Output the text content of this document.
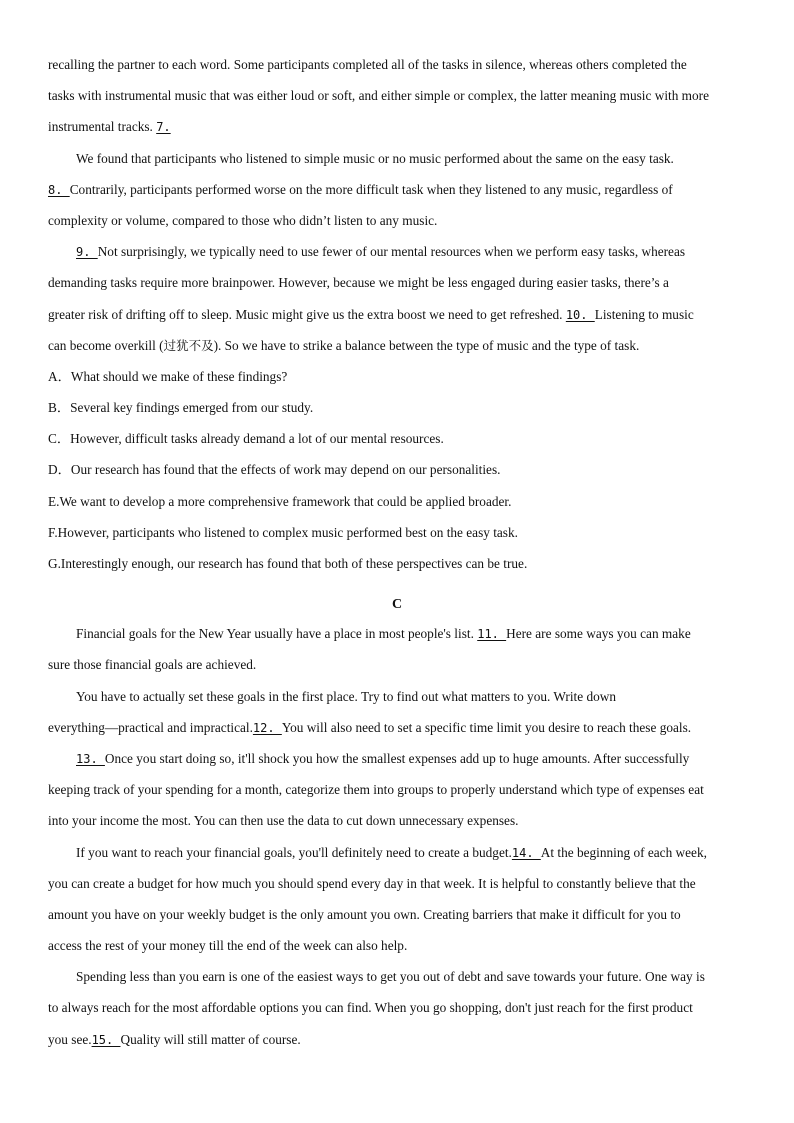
recalling the partner to each word. Some participants completed all of the tasks in silence, whereas others completed the
tasks with instrumental music that was either loud or soft, and either simple or complex, the latter meaning music with more
instrumental tracks. 7.
We found that participants who listened to simple music or no music performed about the same on the easy task.
8. Contrarily, participants performed worse on the more difficult task when they listened to any music, regardless of
complexity or volume, compared to those who didn’t listen to any music.
9. Not surprisingly, we typically need to use fewer of our mental resources when we perform easy tasks, whereas
demanding tasks require more brainpower. However, because we might be less engaged during easier tasks, there’s a
greater risk of drifting off to sleep. Music might give us the extra boost we need to get refreshed. 10. Listening to music
can become overkill (过犹不及). So we have to strike a balance between the type of music and the type of task.
A．What should we make of these findings?
B．Several key findings emerged from our study.
C．However, difficult tasks already demand a lot of our mental resources.
D．Our research has found that the effects of work may depend on our personalities.
E.We want to develop a more comprehensive framework that could be applied broader.
F.However, participants who listened to complex music performed best on the easy task.
G.Interestingly enough, our research has found that both of these perspectives can be true.
C
Financial goals for the New Year usually have a place in most people's list. 11. Here are some ways you can make
sure those financial goals are achieved.
You have to actually set these goals in the first place. Try to find out what matters to you. Write down
everything—practical and impractical.12. You will also need to set a specific time limit you desire to reach these goals.
13. Once you start doing so, it'll shock you how the smallest expenses add up to huge amounts. After successfully
keeping track of your spending for a month, categorize them into groups to properly understand which type of expenses eat
into your income the most. You can then use the data to cut down unnecessary expenses.
If you want to reach your financial goals, you'll definitely need to create a budget.14. At the beginning of each week,
you can create a budget for how much you should spend every day in that week. It is helpful to constantly believe that the
amount you have on your weekly budget is the only amount you own. Creating barriers that make it difficult for you to
access the rest of your money till the end of the week can also help.
Spending less than you earn is one of the easiest ways to get you out of debt and save towards your future. One way is
to always reach for the most affordable options you can find. When you go shopping, don't just reach for the first product
you see.15. Quality will still matter of course.
